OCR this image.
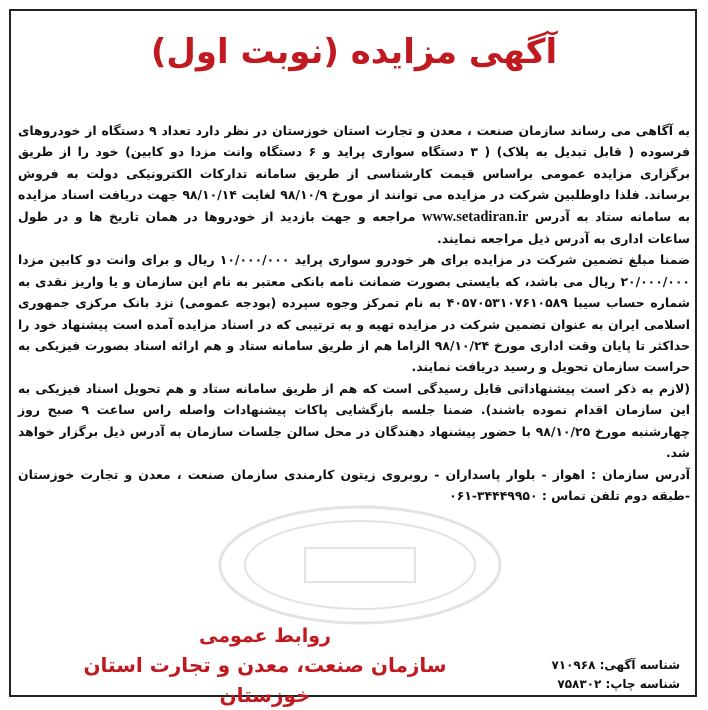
آگهی مزایده (نوبت اول)

به آگاهی می رساند سازمان صنعت ، معدن و تجارت استان خوزستان در نظر دارد تعداد ۹ دستگاه از خودروهای فرسوده ( قابل تبدیل به پلاک) ( ۳ دستگاه سواری پراید و ۶ دستگاه وانت مزدا دو کابین) خود را از طریق برگزاری مزایده عمومی براساس قیمت کارشناسی از طریق سامانه تدارکات الکترونیکی دولت به فروش برساند. فلذا داوطلبین شرکت در مزایده می توانند از مورخ ۹۸/۱۰/۹ لغایت ۹۸/۱۰/۱۴ جهت دریافت اسناد مزایده به سامانه ستاد به آدرس www.setadiran.ir مراجعه و جهت بازدید از خودروها در همان تاریخ ها و در طول ساعات اداری به آدرس ذیل مراجعه نمایند.

ضمنا مبلغ تضمین شرکت در مزایده برای هر خودرو سواری پراید ۱۰/۰۰۰/۰۰۰ ریال و برای وانت دو کابین مزدا ۲۰/۰۰۰/۰۰۰ ریال می باشد، که بایستی بصورت ضمانت نامه بانکی معتبر به نام این سازمان و یا واریز نقدی به شماره حساب سیبا ۴۰۵۷۰۵۳۱۰۷۶۱۰۵۸۹ به نام تمرکز وجوه سپرده (بودجه عمومی) نزد بانک مرکزی جمهوری اسلامی ایران به عنوان تضمین شرکت در مزایده تهیه و به ترتیبی که در اسناد مزایده آمده است پیشنهاد خود را حداکثر تا پایان وقت اداری مورخ ۹۸/۱۰/۲۴ الزاما هم از طریق سامانه ستاد و هم ارائه اسناد بصورت فیزیکی به حراست سازمان تحویل و رسید دریافت نمایند.

(لازم به ذکر است پیشنهاداتی قابل رسیدگی است که هم از طریق سامانه ستاد و هم تحویل اسناد فیزیکی به این سازمان اقدام نموده باشند). ضمنا جلسه بازگشایی پاکات پیشنهادات واصله راس ساعت ۹ صبح روز چهارشنبه مورخ ۹۸/۱۰/۲۵ با حضور پیشنهاد دهندگان در محل سالن جلسات سازمان به آدرس ذیل برگزار خواهد شد.

آدرس سازمان : اهواز - بلوار پاسداران - روبروی زیتون کارمندی سازمان صنعت ، معدن و تجارت خوزستان -طبقه دوم تلفن تماس : ۳۴۴۴۹۹۵۰-۰۶۱

روابط عمومی
سازمان صنعت، معدن و تجارت استان خوزستان
شناسه آگهی: ۷۱۰۹۶۸
شناسه چاپ: ۷۵۸۳۰۲
